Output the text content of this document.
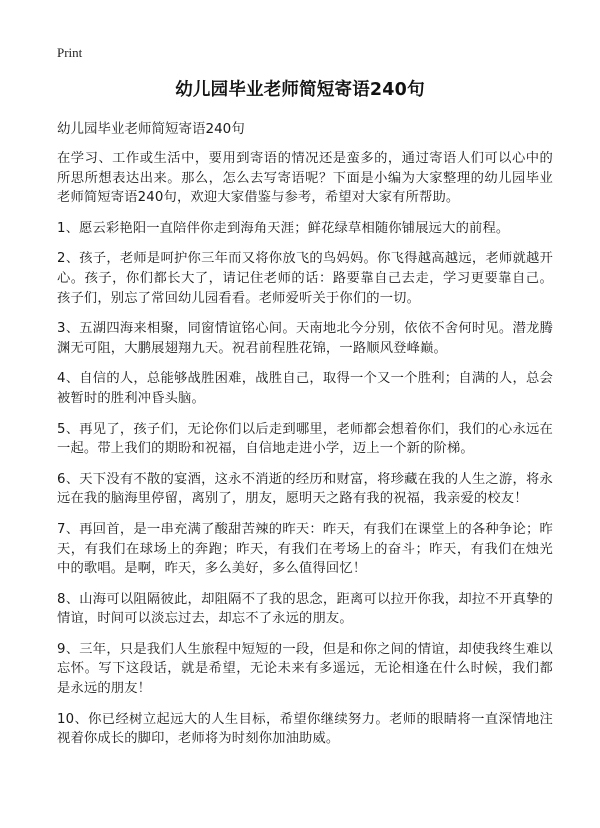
Print
幼儿园毕业老师简短寄语240句

幼儿园毕业老师简短寄语240句

在学习、工作或生活中，要用到寄语的情况还是蛮多的，通过寄语人们可以心中的所思所想表达出来。那么，怎么去写寄语呢？下面是小编为大家整理的幼儿园毕业老师简短寄语240句，欢迎大家借鉴与参考，希望对大家有所帮助。

1、愿云彩艳阳一直陪伴你走到海角天涯；鲜花绿草相随你铺展远大的前程。

2、孩子，老师是呵护你三年而又将你放飞的鸟妈妈。你飞得越高越远，老师就越开心。孩子，你们都长大了，请记住老师的话：路要靠自己去走，学习更要靠自己。孩子们，别忘了常回幼儿园看看。老师爱听关于你们的一切。

3、五湖四海来相聚，同窗情谊铭心间。天南地北今分别，依依不舍何时见。潜龙腾渊无可阻，大鹏展翅翔九天。祝君前程胜花锦，一路顺风登峰巅。

4、自信的人，总能够战胜困难，战胜自己，取得一个又一个胜利；自满的人，总会被暂时的胜利冲昏头脑。

5、再见了，孩子们，无论你们以后走到哪里，老师都会想着你们，我们的心永远在一起。带上我们的期盼和祝福，自信地走进小学，迈上一个新的阶梯。

6、天下没有不散的宴酒，这永不消逝的经历和财富，将珍藏在我的人生之游，将永远在我的脑海里停留，离别了，朋友，愿明天之路有我的祝福，我亲爱的校友！

7、再回首，是一串充满了酸甜苦辣的昨天：昨天，有我们在课堂上的各种争论；昨天，有我们在球场上的奔跑；昨天，有我们在考场上的奋斗；昨天，有我们在烛光中的歌唱。是啊，昨天，多么美好，多么值得回忆！

8、山海可以阻隔彼此，却阻隔不了我的思念，距离可以拉开你我，却拉不开真挚的情谊，时间可以淡忘过去，却忘不了永远的朋友。

9、三年，只是我们人生旅程中短短的一段，但是和你之间的情谊，却使我终生难以忘怀。写下这段话，就是希望，无论未来有多遥远，无论相逢在什么时候，我们都是永远的朋友！

10、你已经树立起远大的人生目标，希望你继续努力。老师的眼睛将一直深情地注视着你成长的脚印，老师将为时刻你加油助威。
